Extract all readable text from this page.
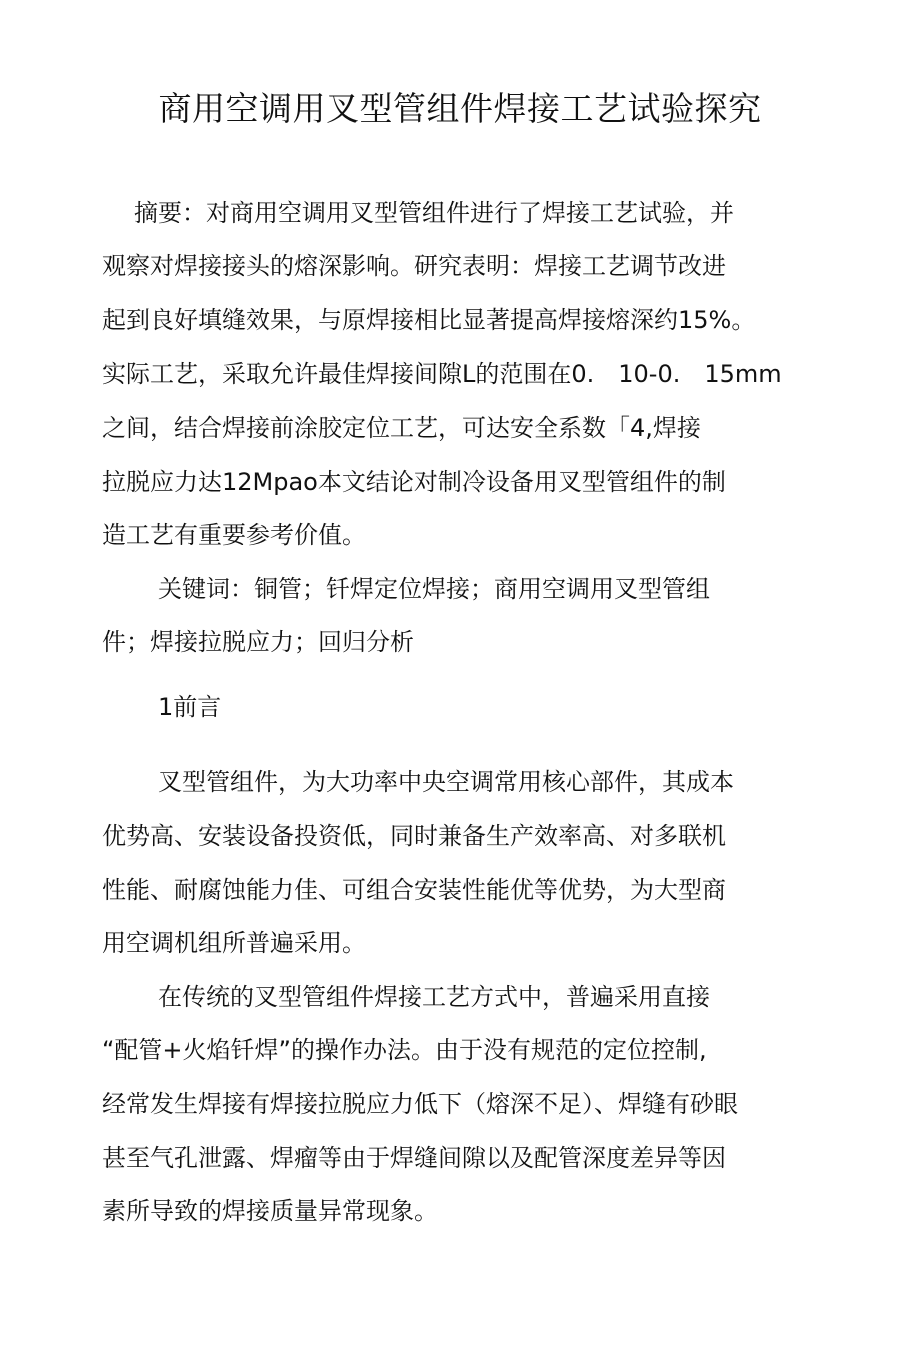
商用空调用叉型管组件焊接工艺试验探究
摘要：对商用空调用叉型管组件进行了焊接工艺试验，并
观察对焊接接头的熔深影响。研究表明：焊接工艺调节改进
起到良好填缝效果，与原焊接相比显著提高焊接熔深约15%。
实际工艺，采取允许最佳焊接间隙L的范围在0.　10-0.　15mm
之间，结合焊接前涂胶定位工艺，可达安全系数「4,焊接
拉脱应力达12Mpao本文结论对制冷设备用叉型管组件的制
造工艺有重要参考价值。
关键词：铜管；钎焊定位焊接；商用空调用叉型管组
件；焊接拉脱应力；回归分析
1前言
叉型管组件，为大功率中央空调常用核心部件，其成本
优势高、安装设备投资低，同时兼备生产效率高、对多联机
性能、耐腐蚀能力佳、可组合安装性能优等优势，为大型商
用空调机组所普遍采用。
在传统的叉型管组件焊接工艺方式中，普遍采用直接
“配管+火焰钎焊”的操作办法。由于没有规范的定位控制,
经常发生焊接有焊接拉脱应力低下（熔深不足）、焊缝有砂眼
甚至气孔泄露、焊瘤等由于焊缝间隙以及配管深度差异等因
素所导致的焊接质量异常现象。
